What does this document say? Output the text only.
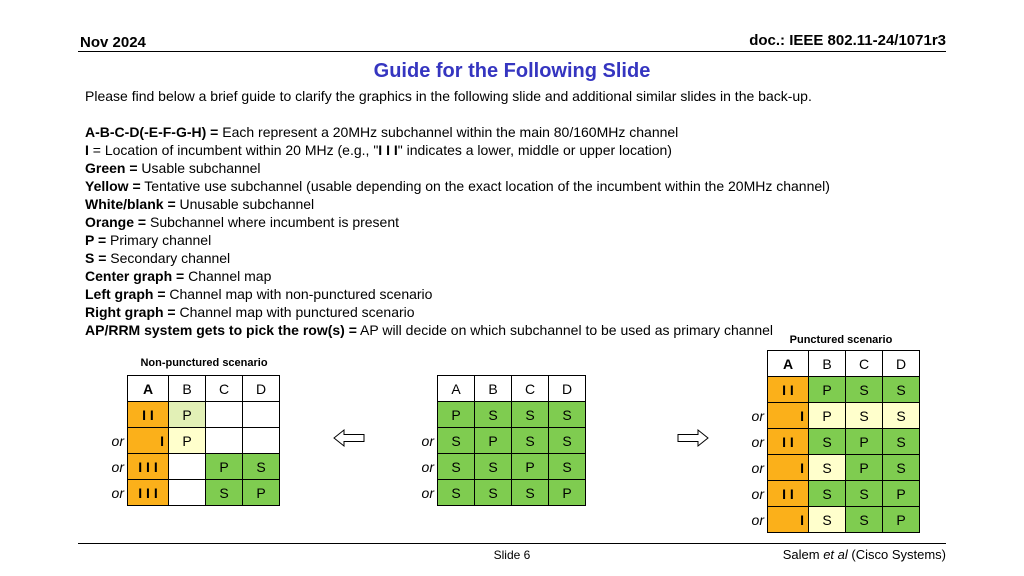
Nov 2024	doc.: IEEE 802.11-24/1071r3
Guide for the Following Slide
Please find below a brief guide to clarify the graphics in the following slide and additional similar slides in the back-up.
A-B-C-D(-E-F-G-H) = Each represent a 20MHz subchannel within the main 80/160MHz channel
I = Location of incumbent within 20 MHz (e.g., "I I I" indicates a lower, middle or upper location)
Green = Usable subchannel
Yellow = Tentative use subchannel (usable depending on the exact location of the incumbent within the 20MHz channel)
White/blank = Unusable subchannel
Orange = Subchannel where incumbent is present
P = Primary channel
S = Secondary channel
Center graph = Channel map
Left graph = Channel map with non-punctured scenario
Right graph = Channel map with punctured scenario
AP/RRM system gets to pick the row(s) = AP will decide on which subchannel to be used as primary channel
Non-punctured scenario
	A	B	C	D
	I I	P		
or	I	P		
or	I I I		P	S
or	I I I		S	P
	A	B	C	D
	P	S	S	S
or	S	P	S	S
or	S	S	P	S
or	S	S	S	P
Punctured scenario
	A	B	C	D
	I I	P	S	S
or	I	P	S	S
or	I I	S	P	S
or	I	S	P	S
or	I I	S	S	P
or	I	S	S	P
Slide 6	Salem et al (Cisco Systems)
